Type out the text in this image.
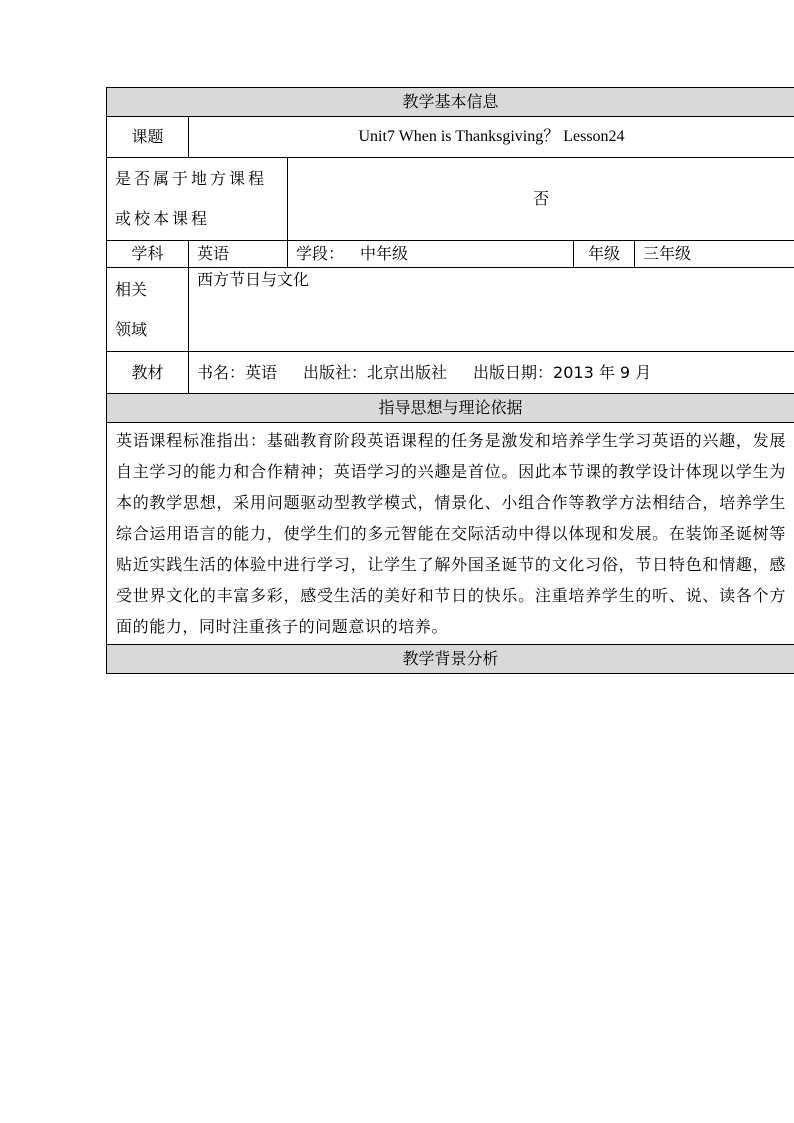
教学基本信息				
课题	Unit7 When is Thanksgiving？ Lesson24			

是否属于地方课程
或校本课程		否		
学科	英语	学段： 中年级	年级	三年级

相关
领域	西方节日与文化			
教材	书名：英语 出版社：北京出版社 出版日期：2013 年 9 月			
指导思想与理论依据				
英语课程标准指出：基础教育阶段英语课程的任务是激发和培养学生学习英语的兴趣，发展自主学习的能力和合作精神；英语学习的兴趣是首位。因此本节课的教学设计体现以学生为本的教学思想，采用问题驱动型教学模式，情景化、小组合作等教学方法相结合，培养学生综合运用语言的能力，使学生们的多元智能在交际活动中得以体现和发展。在装饰圣诞树等贴近实践生活的体验中进行学习，让学生了解外国圣诞节的文化习俗，节日特色和情趣，感受世界文化的丰富多彩，感受生活的美好和节日的快乐。注重培养学生的听、说、读各个方面的能力，同时注重孩子的问题意识的培养。				
教学背景分析				
